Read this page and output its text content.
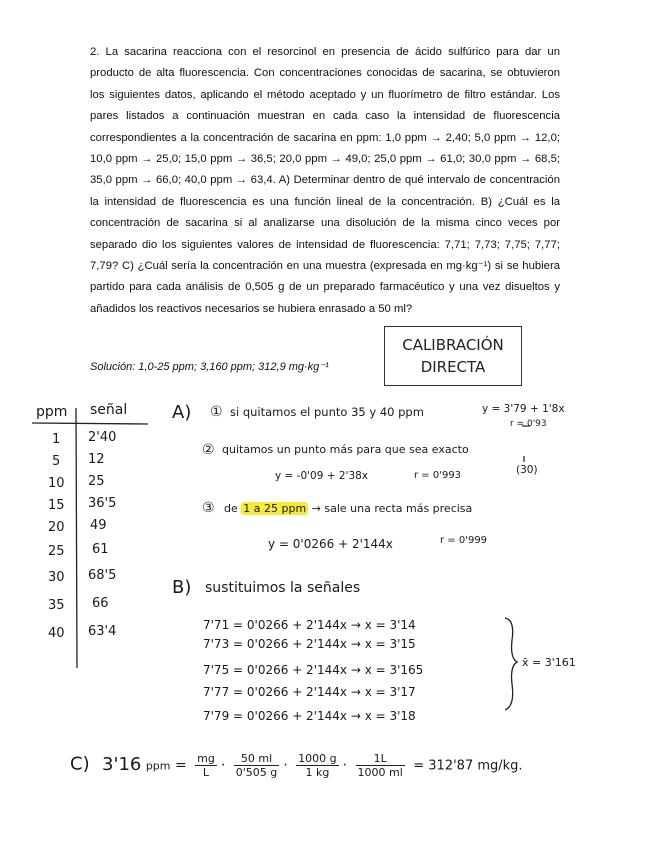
2. La sacarina reacciona con el resorcinol en presencia de ácido sulfúrico para dar un producto de alta fluorescencia. Con concentraciones conocidas de sacarina, se obtuvieron los siguientes datos, aplicando el método aceptado y un fluorímetro de filtro estándar. Los pares listados a continuación muestran en cada caso la intensidad de fluorescencia correspondientes a la concentración de sacarina en ppm: 1,0 ppm → 2,40; 5,0 ppm → 12,0; 10,0 ppm → 25,0; 15,0 ppm → 36,5; 20,0 ppm → 49,0; 25,0 ppm → 61,0; 30,0 ppm → 68,5; 35,0 ppm → 66,0; 40,0 ppm → 63,4. A) Determinar dentro de qué intervalo de concentración la intensidad de fluorescencia es una función lineal de la concentración. B) ¿Cuál es la concentración de sacarina si al analizarse una disolución de la misma cinco veces por separado dio los siguientes valores de intensidad de fluorescencia: 7,71; 7,73; 7,75; 7,77; 7,79? C) ¿Cuál sería la concentración en una muestra (expresada en mg·kg⁻¹) si se hubiera partido para cada análisis de 0,505 g de un preparado farmacéutico y una vez disueltos y añadidos los reactivos necesarios se hubiera enrasado a 50 ml?

Solución: 1,0-25 ppm; 3,160 ppm; 312,9 mg·kg⁻¹
CALIBRACIÓN
DIRECTA
ppm señal
1 2'40
5 12
10 25
15 36'5
20 49
25 61
30 68'5
35 66
40 63'4
A) ① si quitamos el punto 35 y 40 ppm	y = 3'79 + 1'8x
r = 0'93
② quitamos un punto más para que sea exacto
y = -0'09 + 2'38x	r = 0'993	(30)
③ de 1 a 25 ppm → sale una recta más precisa
y = 0'0266 + 2'144x	r = 0'999
B) sustituimos la señales
7'71 = 0'0266 + 2'144x → x = 3'14
7'73 = 0'0266 + 2'144x → x = 3'15
7'75 = 0'0266 + 2'144x → x = 3'165
7'77 = 0'0266 + 2'144x → x = 3'17
7'79 = 0'0266 + 2'144x → x = 3'18
x̄ = 3'161
C) 3'16 ppm = $\frac{mg}{L} \cdot \frac{50 ml}{0'505 g} \cdot \frac{1000 g}{1 kg} \cdot \frac{1L}{1000 ml} = 312'87$ mg/kg.
